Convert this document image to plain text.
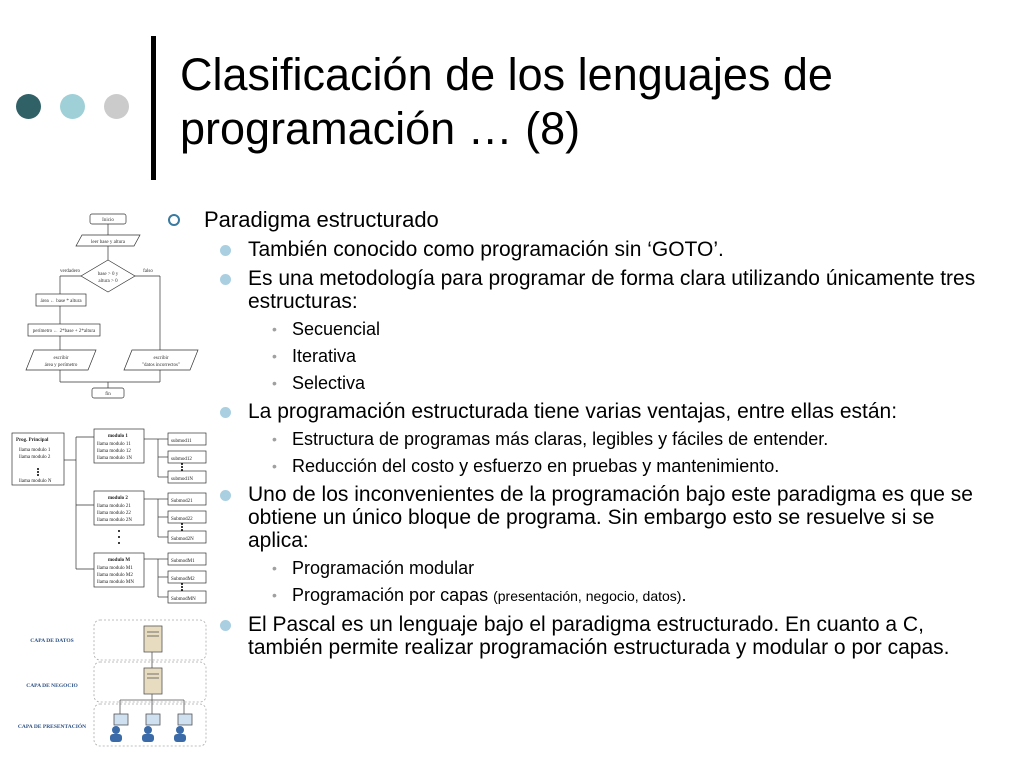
Clasificación de los lenguajes de programación … (8)
Inicio
leer base y altura
base > 0 y
altura > 0
verdadero	falso
área ← base * altura
perímetro ← 2*base + 2*altura
escribir
área y perímetro
escribir
"datos incorrectos"
fin
Prog. Principal
llama modulo 1
llama modulo 2
llama modulo N
modulo 1
llama modulo 11
llama modulo 12
llama modulo 1N
modulo 2
llama modulo 21
llama modulo 22
llama modulo 2N
modulo M
llama modulo M1
llama modulo M2
llama modulo MN
submod11
submod12
submod1N
Submod21
Submod22
Submod2N
SubmodM1
SubmodM2
SubmodMN
CAPA DE DATOS
CAPA DE NEGOCIO
CAPA DE PRESENTACIÓN
Paradigma estructurado
También conocido como programación sin ‘GOTO’.
Es una metodología para programar de forma clara utilizando únicamente tres estructuras:
• Secuencial
• Iterativa
• Selectiva
La programación estructurada tiene varias ventajas, entre ellas están:
• Estructura de programas más claras, legibles y fáciles de entender.
• Reducción del costo y esfuerzo en pruebas y mantenimiento.
Uno de los inconvenientes de la programación bajo este paradigma es que se obtiene un único bloque de programa. Sin embargo esto se resuelve si se aplica:
• Programación modular
• Programación por capas (presentación, negocio, datos).
El Pascal es un lenguaje bajo el paradigma estructurado. En cuanto a C, también permite realizar programación estructurada y modular o por capas.
